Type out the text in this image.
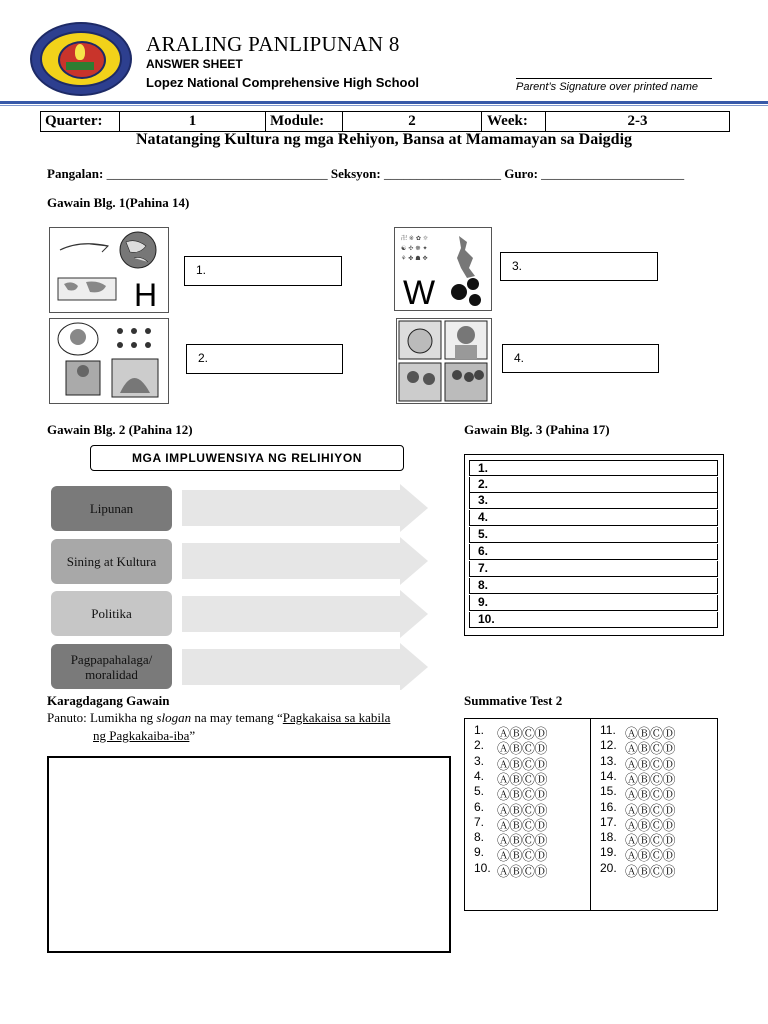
ARALING PANLIPUNAN 8
ANSWER SHEET
Lopez National Comprehensive High School	Parent’s Signature over printed name
Quarter:	1	Module:	2	Week:	2-3
Natatanging Kultura ng mga Rehiyon, Bansa at Mamamayan sa Daigdig
Pangalan: __________________________________ Seksyon: __________________ Guro: ______________________
Gawain Blg. 1(Pahina 14)
H
卍 ※ ✿ ☼
☯ ✣ ☸ ✦
⚘ ✤ ☗ ✥
W
1.
2.
3.
4.
Gawain Blg. 2 (Pahina 12)
MGA IMPLUWENSIYA NG RELIHIYON
Lipunan
Sining at Kultura
Politika
Pagpapahalaga/ moralidad
Gawain Blg. 3 (Pahina 17)
1.
2.
3.
4.
5.
6.
7.
8.
9.
10.
Karagdagang Gawain
Panuto: Lumikha ng slogan na may temang “Pagkakaisa sa kabila
ng Pagkakaiba-iba”
Summative Test 2
1. ⒶⒷⒸⒹ
2. ⒶⒷⒸⒹ
3. ⒶⒷⒸⒹ
4. ⒶⒷⒸⒹ
5. ⒶⒷⒸⒹ
6. ⒶⒷⒸⒹ
7. ⒶⒷⒸⒹ
8. ⒶⒷⒸⒹ
9. ⒶⒷⒸⒹ
10. ⒶⒷⒸⒹ
11. ⒶⒷⒸⒹ
12. ⒶⒷⒸⒹ
13. ⒶⒷⒸⒹ
14. ⒶⒷⒸⒹ
15. ⒶⒷⒸⒹ
16. ⒶⒷⒸⒹ
17. ⒶⒷⒸⒹ
18. ⒶⒷⒸⒹ
19. ⒶⒷⒸⒹ
20. ⒶⒷⒸⒹ
